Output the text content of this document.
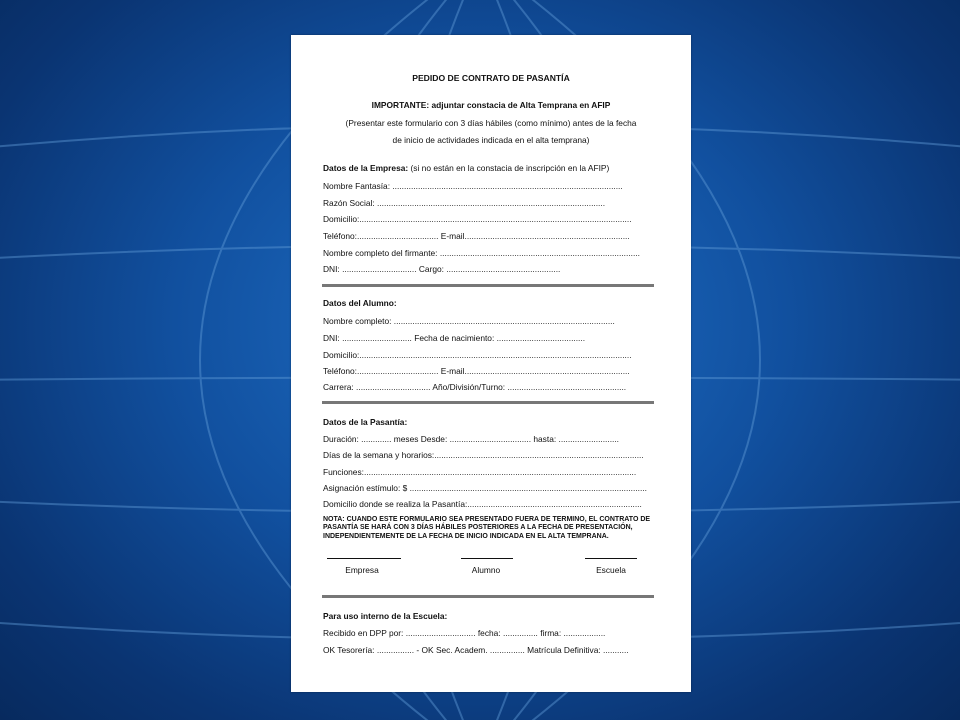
PEDIDO DE CONTRATO DE PASANTÍA
IMPORTANTE: adjuntar constacia de Alta Temprana en AFIP
(Presentar este formulario con 3 días hábiles (como mínimo) antes de la fecha
de inicio de actividades indicada en el alta temprana)
Datos de la Empresa: (si no están en la constacia de inscripción en la AFIP)
Nombre Fantasía: ...................................................................................................
Razón Social: ..................................................................................................
Domicilio:.....................................................................................................................
Teléfono:................................... E-mail.......................................................................
Nombre completo del firmante: ......................................................................................
DNI: ................................ Cargo: .................................................
Datos del Alumno:
Nombre completo: ...............................................................................................
DNI: .............................. Fecha de nacimiento: ......................................
Domicilio:.....................................................................................................................
Teléfono:................................... E-mail.......................................................................
Carrera: ................................ Año/División/Turno: ...................................................
Datos de la Pasantía:
Duración: ............. meses Desde: ................................... hasta: ..........................
Días de la semana y horarios:..........................................................................................
Funciones:.....................................................................................................................
Asignación estímulo: $ ......................................................................................................
Domicilio donde se realiza la Pasantía:...........................................................................
NOTA: CUANDO ESTE FORMULARIO SEA PRESENTADO FUERA DE TERMINO, EL CONTRATO DE PASANTÍA SE HARÁ CON 3 DÍAS HÁBILES POSTERIORES A LA FECHA DE PRESENTACIÓN, INDEPENDIENTEMENTE DE LA FECHA DE INICIO INDICADA EN EL ALTA TEMPRANA.
Empresa	Alumno	Escuela
Para uso interno de la Escuela:
Recibido en DPP por: .............................. fecha: ............... firma: ..................
OK Tesorería: ................ - OK Sec. Academ. ............... Matrícula Definitiva: ...........
